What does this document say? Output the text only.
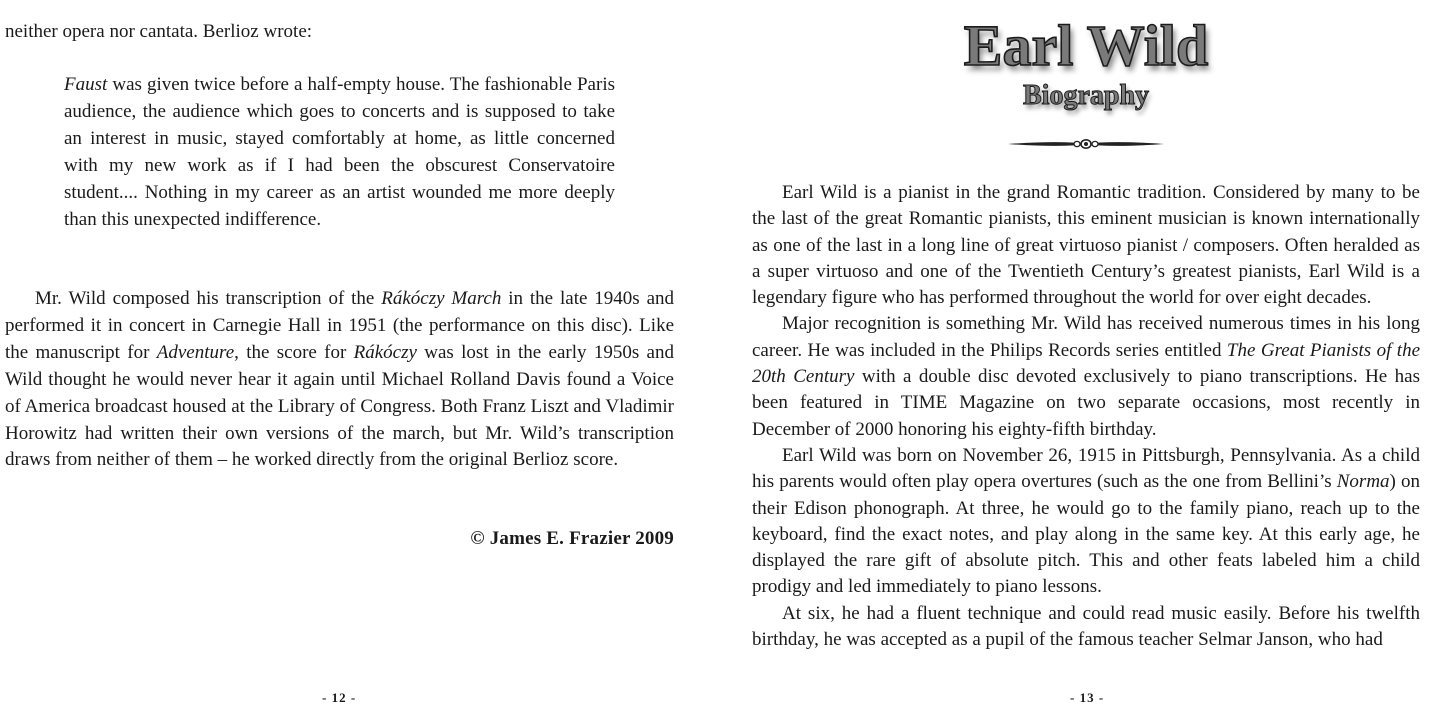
neither opera nor cantata. Berlioz wrote:
Faust was given twice before a half-empty house. The fashionable Paris audience, the audience which goes to concerts and is supposed to take an interest in music, stayed comfortably at home, as little concerned with my new work as if I had been the obscurest Conservatoire student.... Nothing in my career as an artist wounded me more deeply than this unexpected indifference.

Mr. Wild composed his transcription of the Rákóczy March in the late 1940s and performed it in concert in Carnegie Hall in 1951 (the performance on this disc). Like the manuscript for Adventure, the score for Rákóczy was lost in the early 1950s and Wild thought he would never hear it again until Michael Rolland Davis found a Voice of America broadcast housed at the Library of Congress. Both Franz Liszt and Vladimir Horowitz had written their own versions of the march, but Mr. Wild’s transcription draws from neither of them – he worked directly from the original Berlioz score.

© James E. Frazier 2009
- 12 -
Earl Wild
Biography

Earl Wild is a pianist in the grand Romantic tradition. Considered by many to be the last of the great Romantic pianists, this eminent musician is known internationally as one of the last in a long line of great virtuoso pianist / composers. Often heralded as a super virtuoso and one of the Twentieth Century’s greatest pianists, Earl Wild is a legendary figure who has performed throughout the world for over eight decades.

Major recognition is something Mr. Wild has received numerous times in his long career. He was included in the Philips Records series entitled The Great Pianists of the 20th Century with a double disc devoted exclusively to piano transcriptions. He has been featured in TIME Magazine on two separate occasions, most recently in December of 2000 honoring his eighty-fifth birthday.

Earl Wild was born on November 26, 1915 in Pittsburgh, Pennsylvania. As a child his parents would often play opera overtures (such as the one from Bellini’s Norma) on their Edison phonograph. At three, he would go to the family piano, reach up to the keyboard, find the exact notes, and play along in the same key. At this early age, he displayed the rare gift of absolute pitch. This and other feats labeled him a child prodigy and led immediately to piano lessons.

At six, he had a fluent technique and could read music easily. Before his twelfth birthday, he was accepted as a pupil of the famous teacher Selmar Janson, who had

- 13 -
